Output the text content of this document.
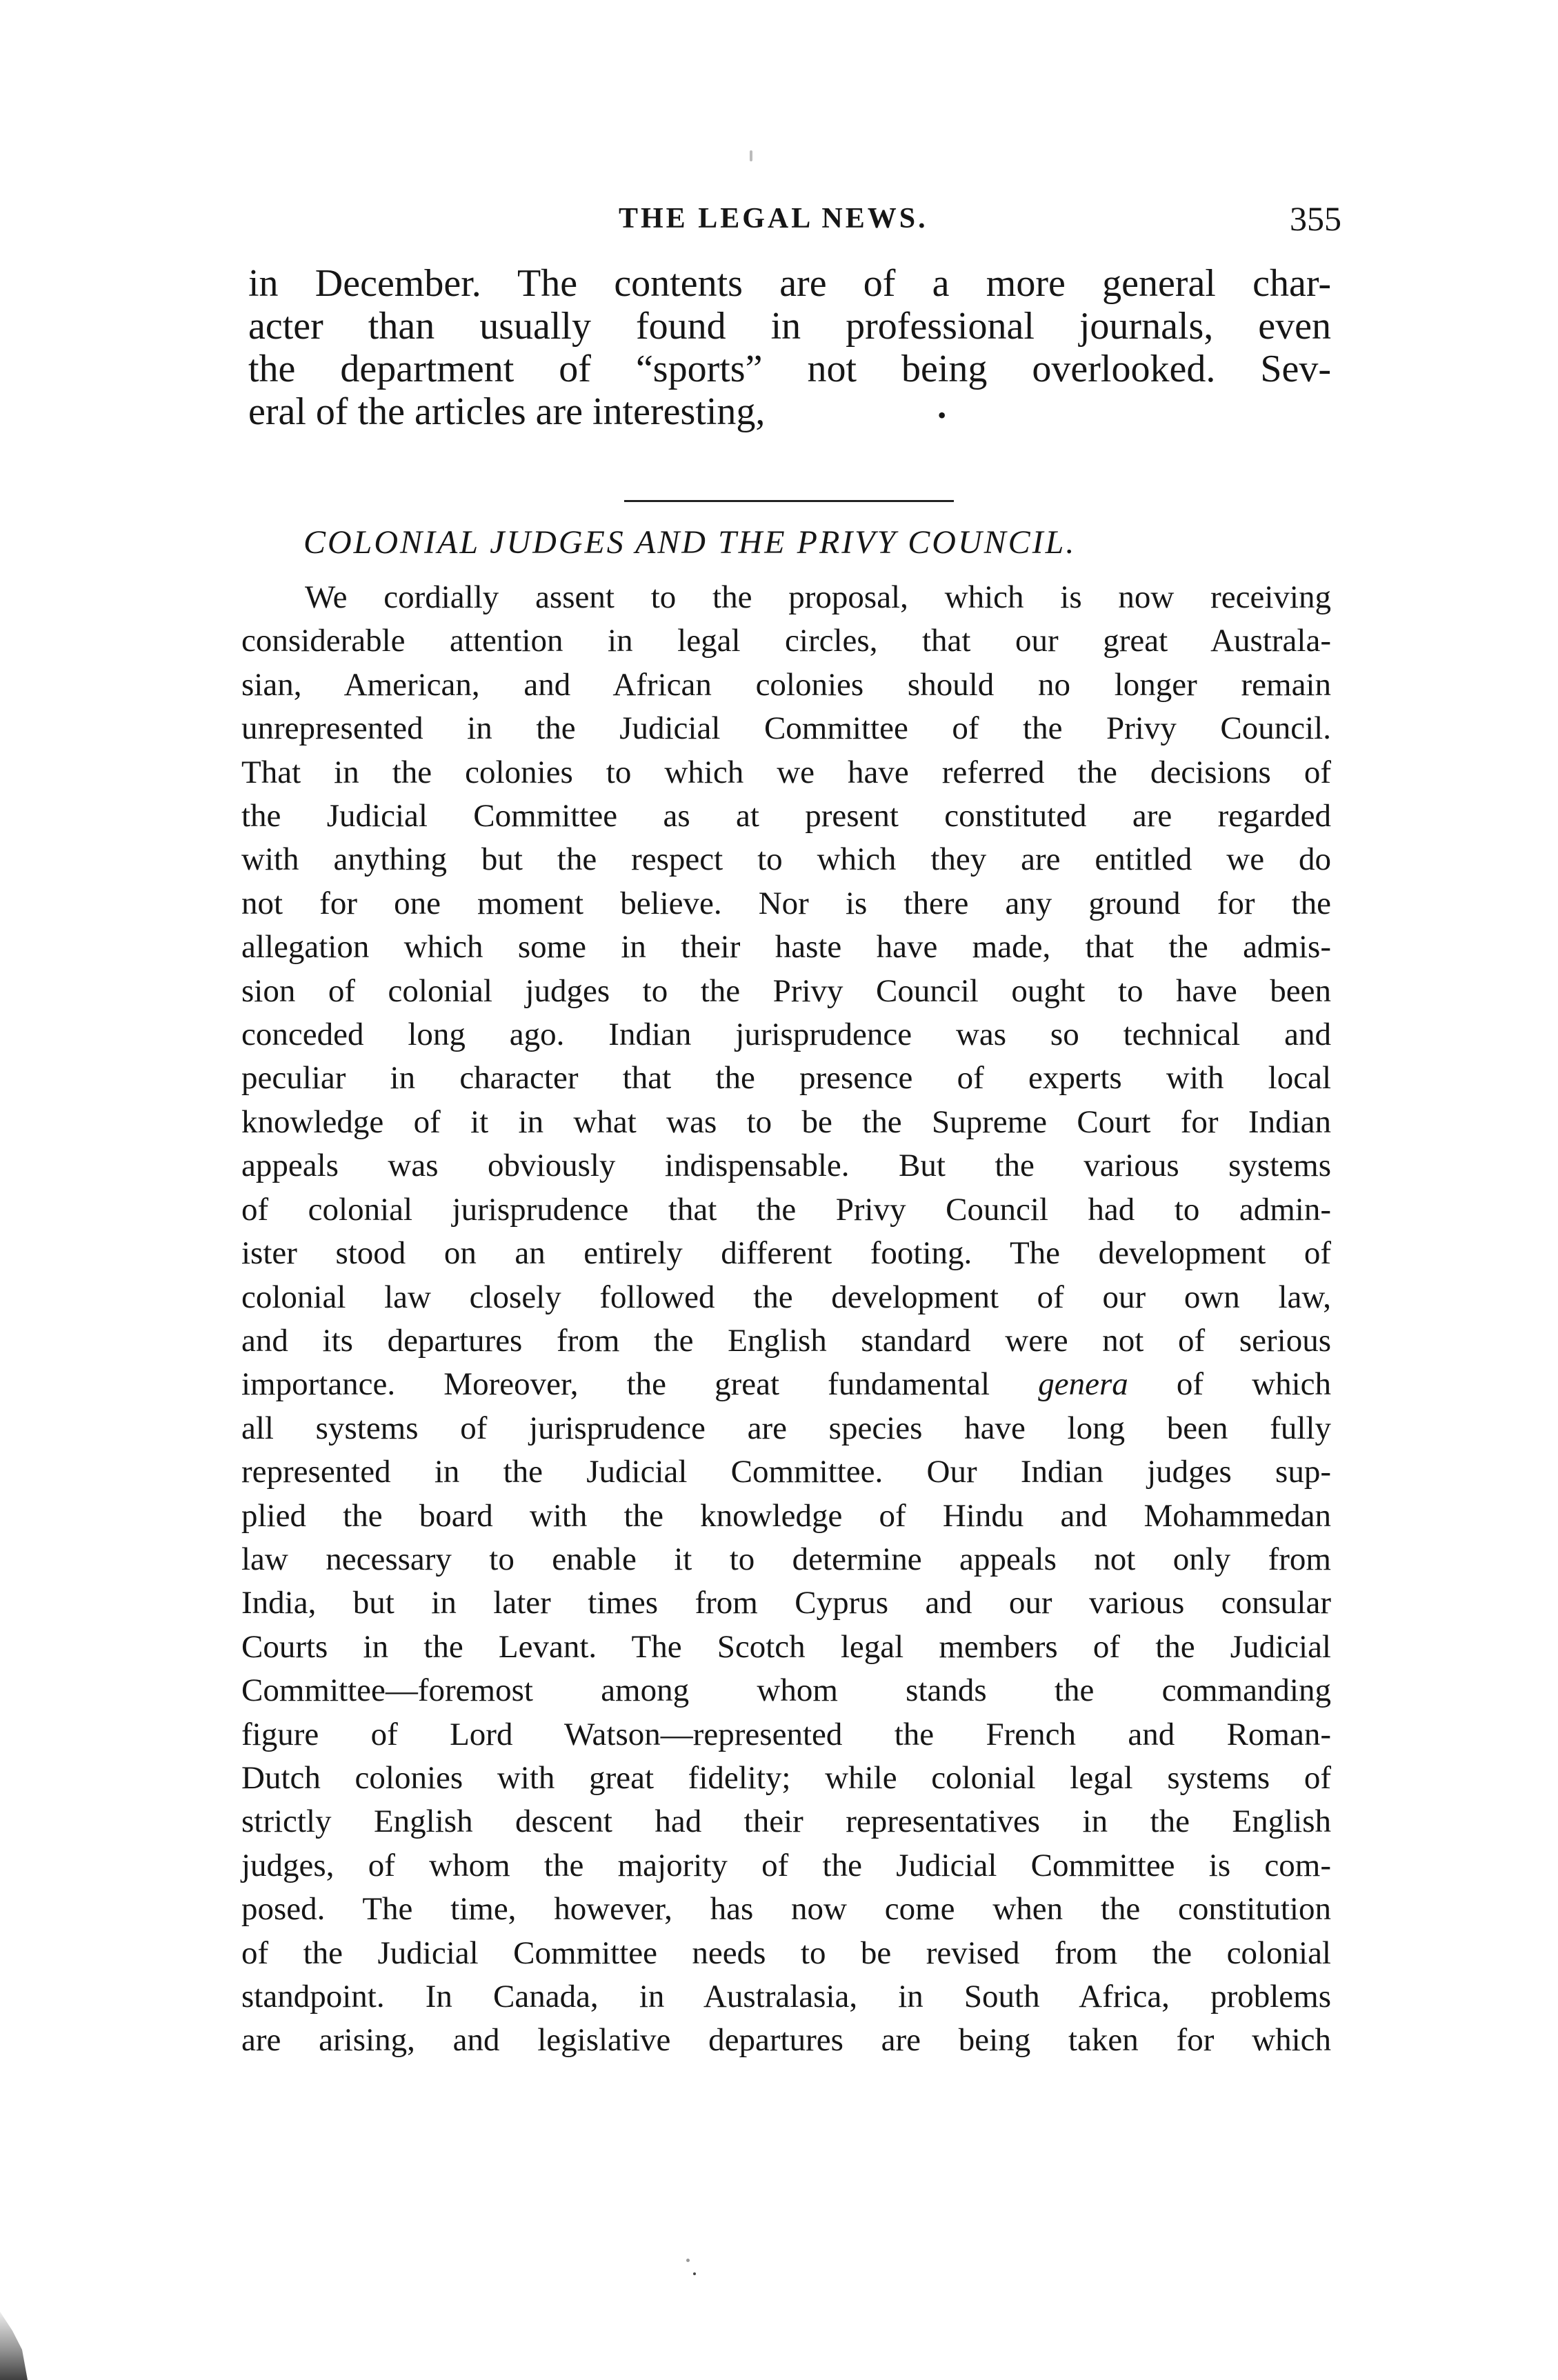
THE LEGAL NEWS.	355
in December. The contents are of a more general char-
acter than usually found in professional journals, even
the department of “sports” not being overlooked. Sev-
eral of the articles are interesting,	•
COLONIAL JUDGES AND THE PRIVY COUNCIL.
We cordially assent to the proposal, which is now receiving
considerable attention in legal circles, that our great Australa-
sian, American, and African colonies should no longer remain
unrepresented in the Judicial Committee of the Privy Council.
That in the colonies to which we have referred the decisions of
the Judicial Committee as at present constituted are regarded
with anything but the respect to which they are entitled we do
not for one moment believe. Nor is there any ground for the
allegation which some in their haste have made, that the admis-
sion of colonial judges to the Privy Council ought to have been
conceded long ago. Indian jurisprudence was so technical and
peculiar in character that the presence of experts with local
knowledge of it in what was to be the Supreme Court for Indian
appeals was obviously indispensable. But the various systems
of colonial jurisprudence that the Privy Council had to admin-
ister stood on an entirely different footing. The development of
colonial law closely followed the development of our own law,
and its departures from the English standard were not of serious
importance. Moreover, the great fundamental genera of which
all systems of jurisprudence are species have long been fully
represented in the Judicial Committee. Our Indian judges sup-
plied the board with the knowledge of Hindu and Mohammedan
law necessary to enable it to determine appeals not only from
India, but in later times from Cyprus and our various consular
Courts in the Levant. The Scotch legal members of the Judicial
Committee—foremost among whom stands the commanding
figure of Lord Watson—represented the French and Roman-
Dutch colonies with great fidelity; while colonial legal systems of
strictly English descent had their representatives in the English
judges, of whom the majority of the Judicial Committee is com-
posed. The time, however, has now come when the constitution
of the Judicial Committee needs to be revised from the colonial
standpoint. In Canada, in Australasia, in South Africa, problems
are arising, and legislative departures are being taken for which
